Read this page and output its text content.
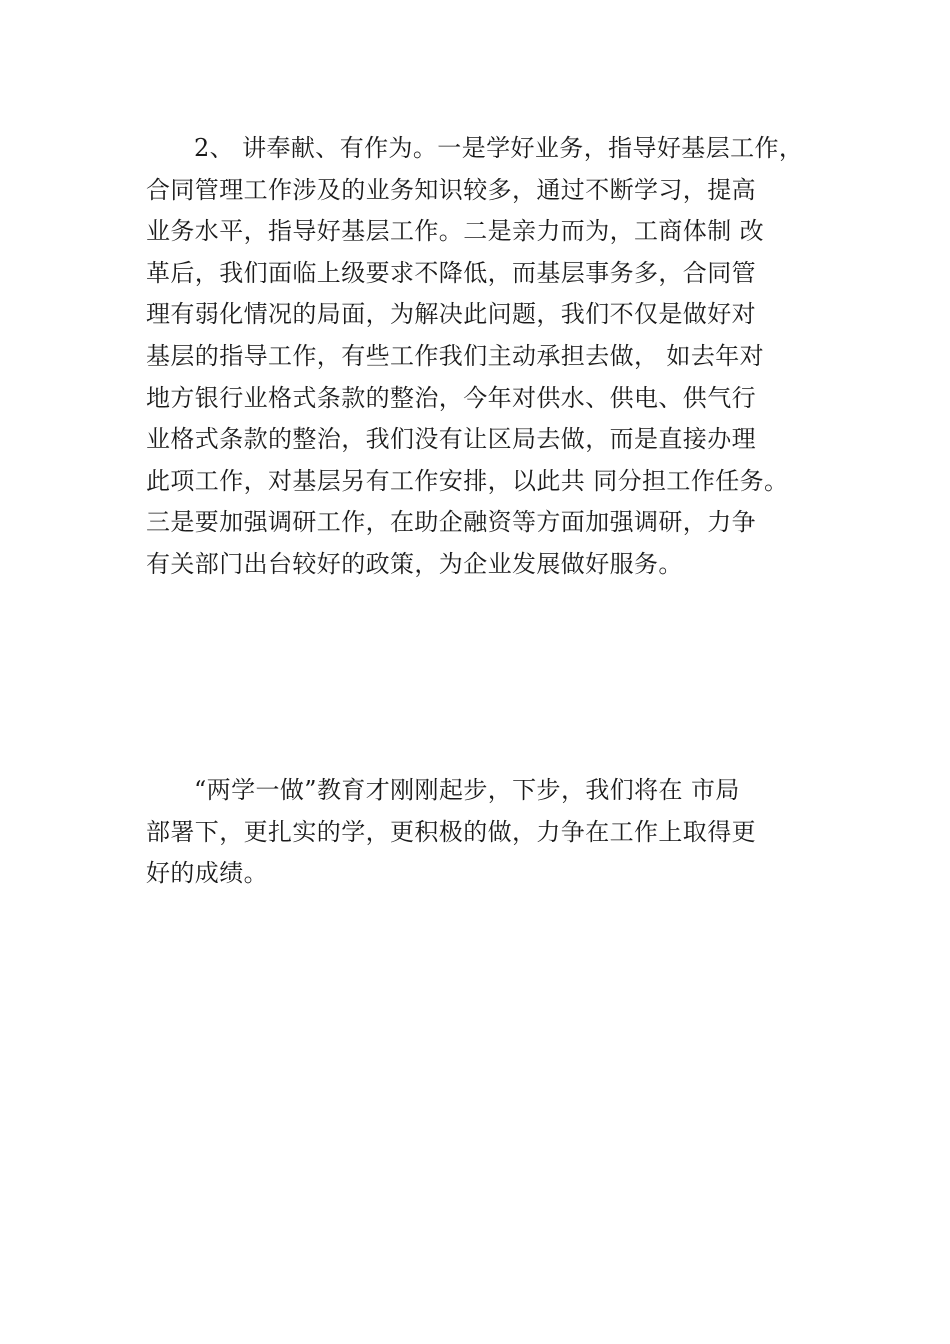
2、 讲奉献、有作为。一是学好业务，指导好基层工作，
合同管理工作涉及的业务知识较多，通过不断学习，提高
业务水平，指导好基层工作。二是亲力而为，工商体制 改
革后，我们面临上级要求不降低，而基层事务多，合同管
理有弱化情况的局面，为解决此问题，我们不仅是做好对
基层的指导工作，有些工作我们主动承担去做， 如去年对
地方银行业格式条款的整治，今年对供水、供电、供气行
业格式条款的整治，我们没有让区局去做，而是直接办理
此项工作，对基层另有工作安排，以此共 同分担工作任务。
三是要加强调研工作，在助企融资等方面加强调研，力争
有关部门出台较好的政策，为企业发展做好服务。
“两学一做”教育才刚刚起步，下步，我们将在 市局
部署下，更扎实的学，更积极的做，力争在工作上取得更
好的成绩。
